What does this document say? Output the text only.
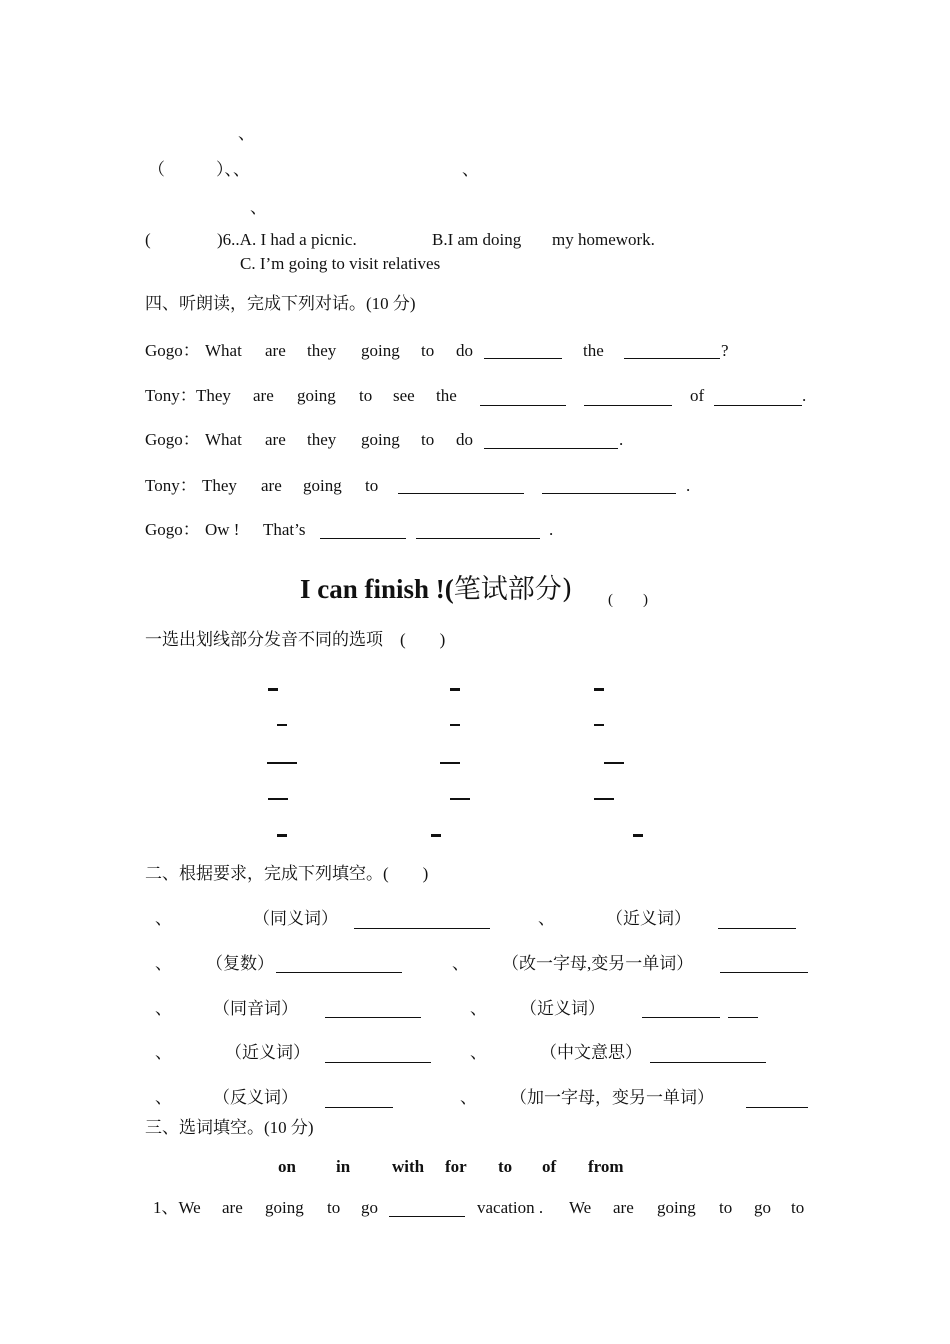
、
（　　　）、、	、
、
(	)6..A. I had a picnic.	B.I am doing my homework.
C. I’m going to visit relatives
四、听朗读，完成下列对话。(10 分)
Gogo： What are they going to do	the	?
Tony： They are going to see the	of	.
Gogo： What are they going to do	.
Tony： They are going to	.
Gogo： Ow ! That’s	.
I can finish !(笔试部分) (　　)
一选出划线部分发音不同的选项　(　　)
二、根据要求，完成下列填空。(　　)
、	（同义词）	、	（近义词）
、 （复数）	、 （改一字母,变另一单词）
、 （同音词）	、 （近义词）
、	（近义词）	、	（中文意思）
、 （反义词）	、 （加一字母，变另一单词）
三、选词填空。(10 分)
on in with for to of from
1、We are going to go	vacation . We are going to go to
